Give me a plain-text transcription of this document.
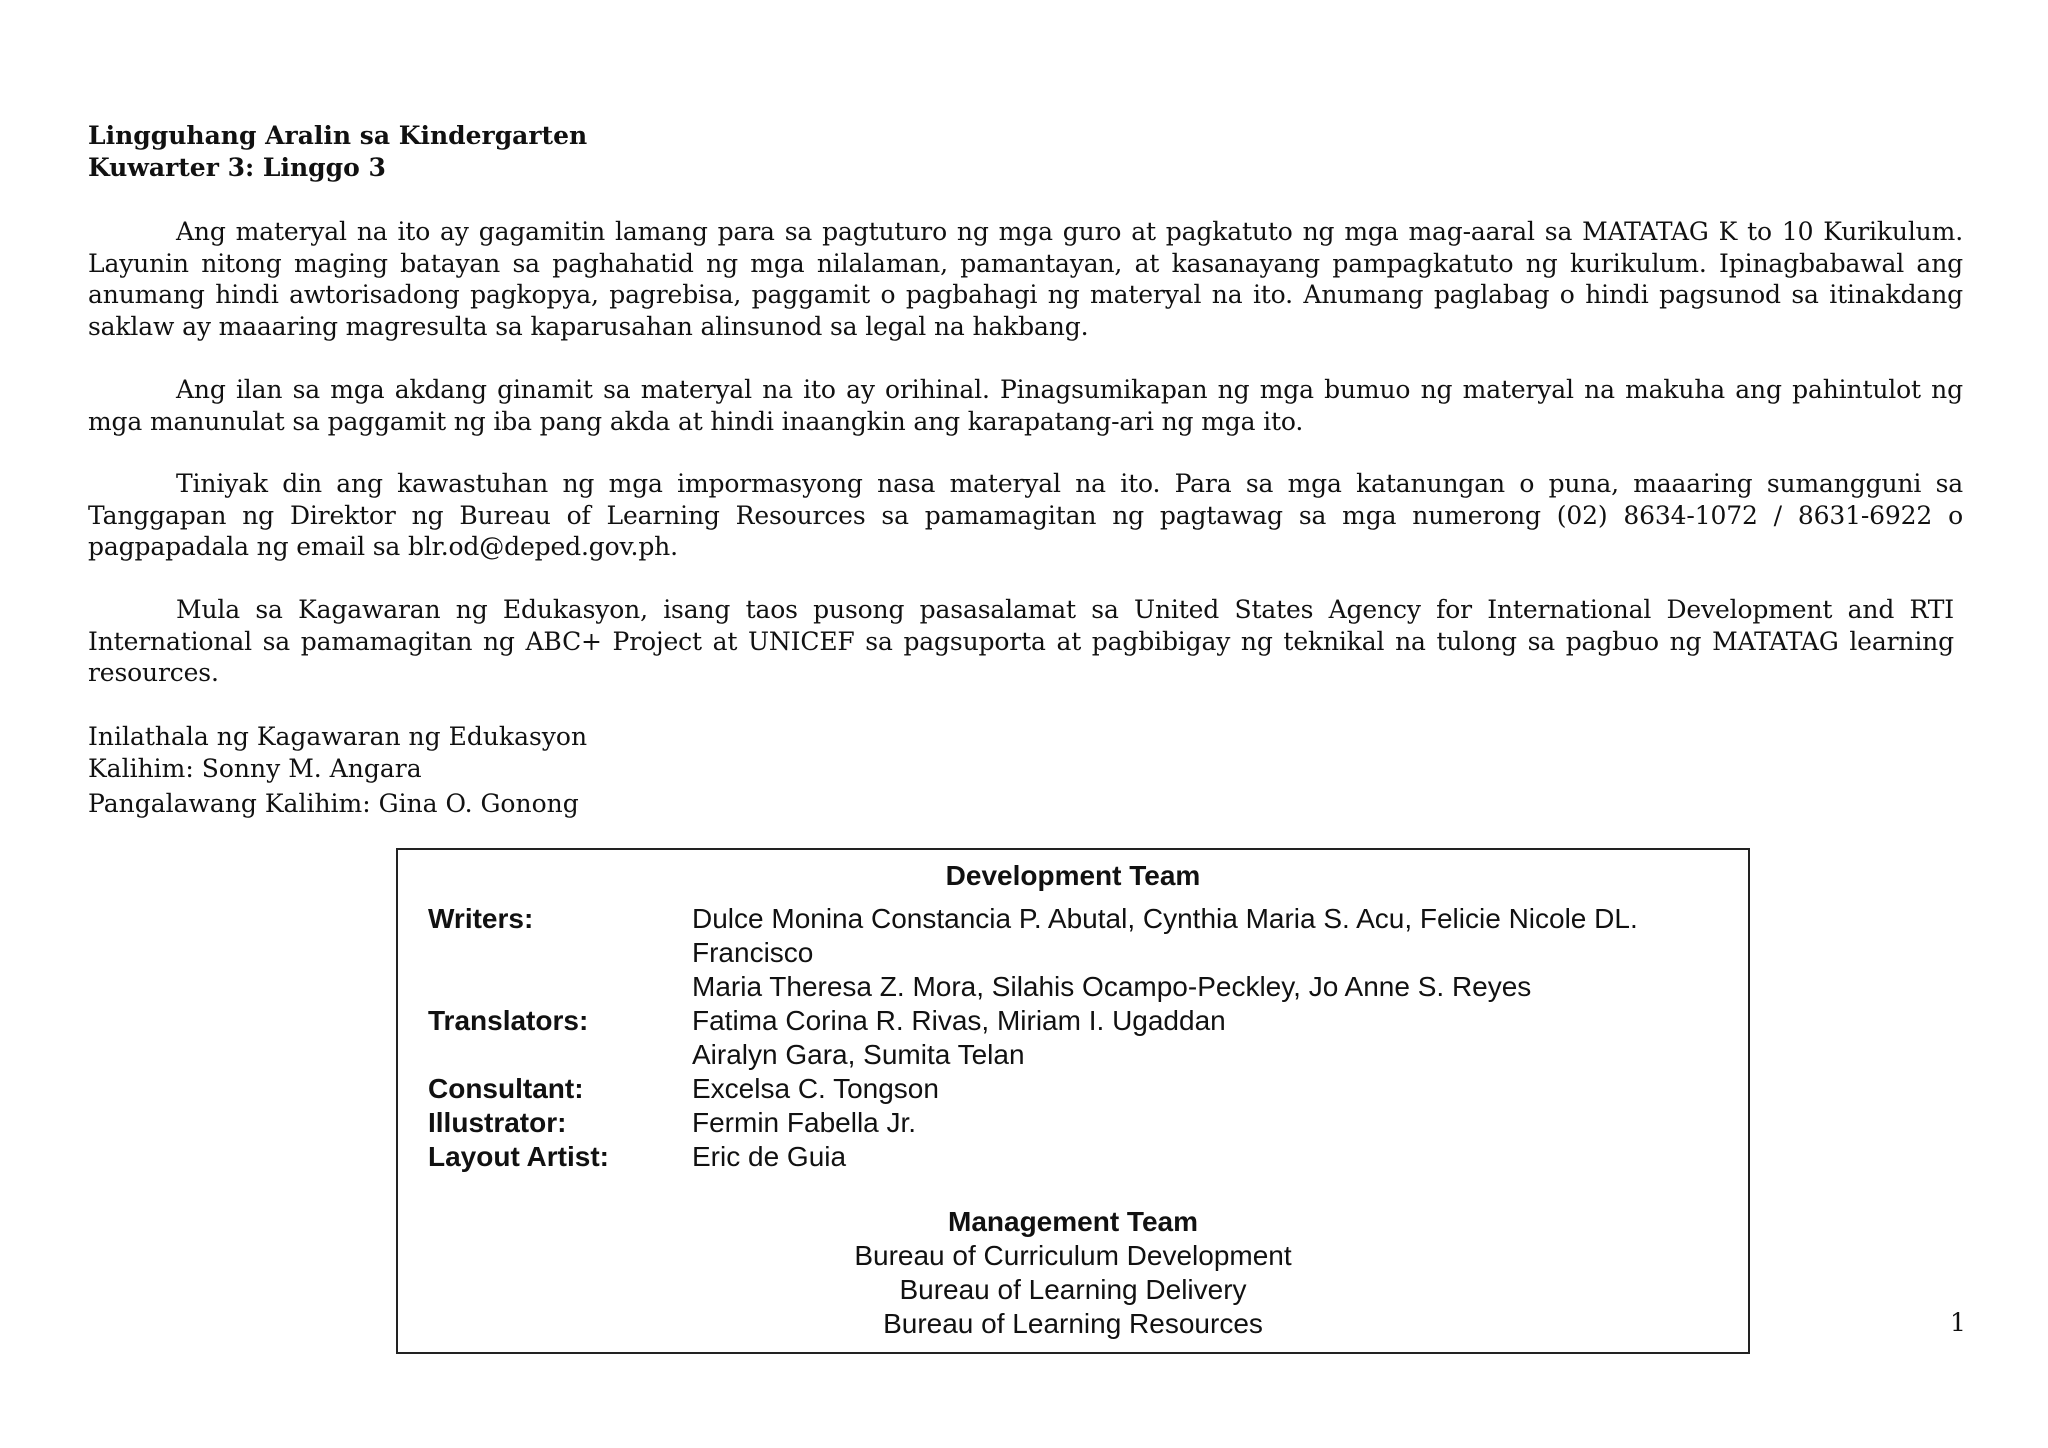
Lingguhang Aralin sa Kindergarten
Kuwarter 3: Linggo 3
Ang materyal na ito ay gagamitin lamang para sa pagtuturo ng mga guro at pagkatuto ng mga mag-aaral sa MATATAG K to 10 Kurikulum. Layunin nitong maging batayan sa paghahatid ng mga nilalaman, pamantayan, at kasanayang pampagkatuto ng kurikulum. Ipinagbabawal ang anumang hindi awtorisadong pagkopya, pagrebisa, paggamit o pagbahagi ng materyal na ito. Anumang paglabag o hindi pagsunod sa itinakdang saklaw ay maaaring magresulta sa kaparusahan alinsunod sa legal na hakbang.
Ang ilan sa mga akdang ginamit sa materyal na ito ay orihinal. Pinagsumikapan ng mga bumuo ng materyal na makuha ang pahintulot ng mga manunulat sa paggamit ng iba pang akda at hindi inaangkin ang karapatang-ari ng mga ito.
Tiniyak din ang kawastuhan ng mga impormasyong nasa materyal na ito. Para sa mga katanungan o puna, maaaring sumangguni sa Tanggapan ng Direktor ng Bureau of Learning Resources sa pamamagitan ng pagtawag sa mga numerong (02) 8634-1072 / 8631-6922 o pagpapadala ng email sa blr.od@deped.gov.ph.
Mula sa Kagawaran ng Edukasyon, isang taos pusong pasasalamat sa United States Agency for International Development and RTI International sa pamamagitan ng ABC+ Project at UNICEF sa pagsuporta at pagbibigay ng teknikal na tulong sa pagbuo ng MATATAG learning resources.
Inilathala ng Kagawaran ng Edukasyon
Kalihim: Sonny M. Angara
Pangalawang Kalihim: Gina O. Gonong
Development Team
Writers:	Dulce Monina Constancia P. Abutal, Cynthia Maria S. Acu, Felicie Nicole DL.
Francisco
Maria Theresa Z. Mora, Silahis Ocampo-Peckley, Jo Anne S. Reyes
Translators:	Fatima Corina R. Rivas, Miriam I. Ugaddan
Airalyn Gara, Sumita Telan
Consultant:	Excelsa C. Tongson
Illustrator:	Fermin Fabella Jr.
Layout Artist:	Eric de Guia
Management Team
Bureau of Curriculum Development
Bureau of Learning Delivery
Bureau of Learning Resources	1
